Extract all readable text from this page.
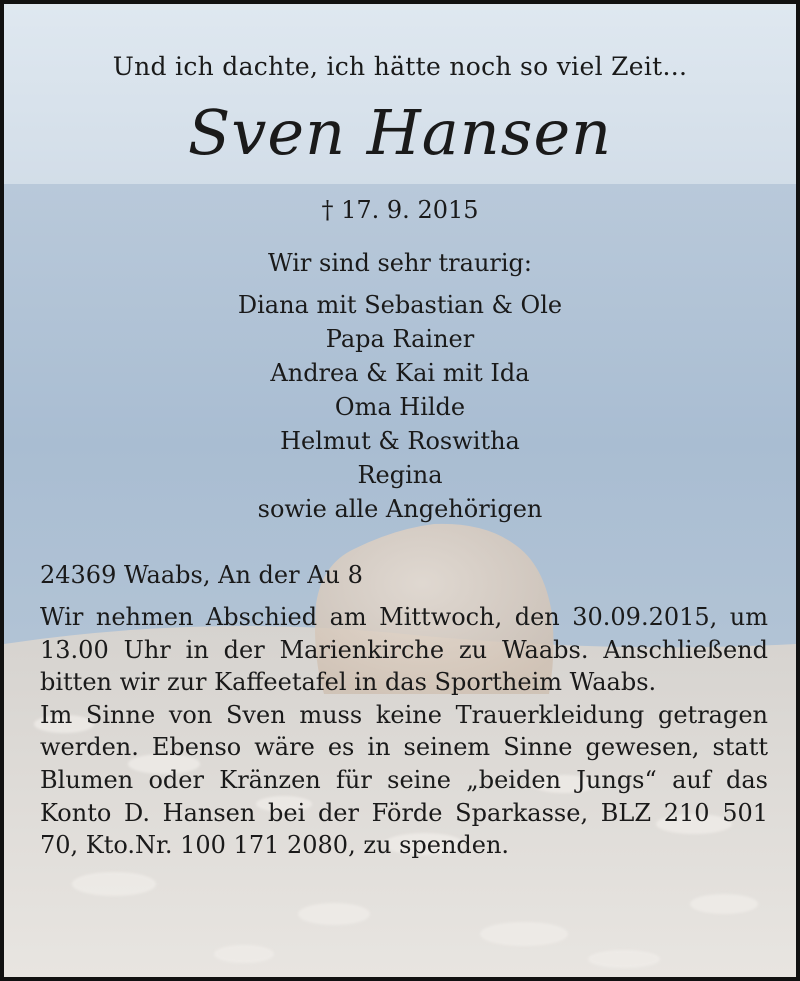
Und ich dachte, ich hätte noch so viel Zeit...
Sven Hansen
† 17. 9. 2015
Wir sind sehr traurig:
Diana mit Sebastian & Ole
Papa Rainer
Andrea & Kai mit Ida
Oma Hilde
Helmut & Roswitha
Regina
sowie alle Angehörigen
24369 Waabs, An der Au 8

Wir nehmen Abschied am Mittwoch, den 30.09.2015, um 13.00 Uhr in der Marienkirche zu Waabs. Anschließend bitten wir zur Kaffeetafel in das Sportheim Waabs.

Im Sinne von Sven muss keine Trauerkleidung getragen werden. Ebenso wäre es in seinem Sinne gewesen, statt Blumen oder Kränzen für seine „beiden Jungs“ auf das Konto D. Hansen bei der Förde Sparkasse, BLZ 210 501 70, Kto.Nr. 100 171 2080, zu spenden.
